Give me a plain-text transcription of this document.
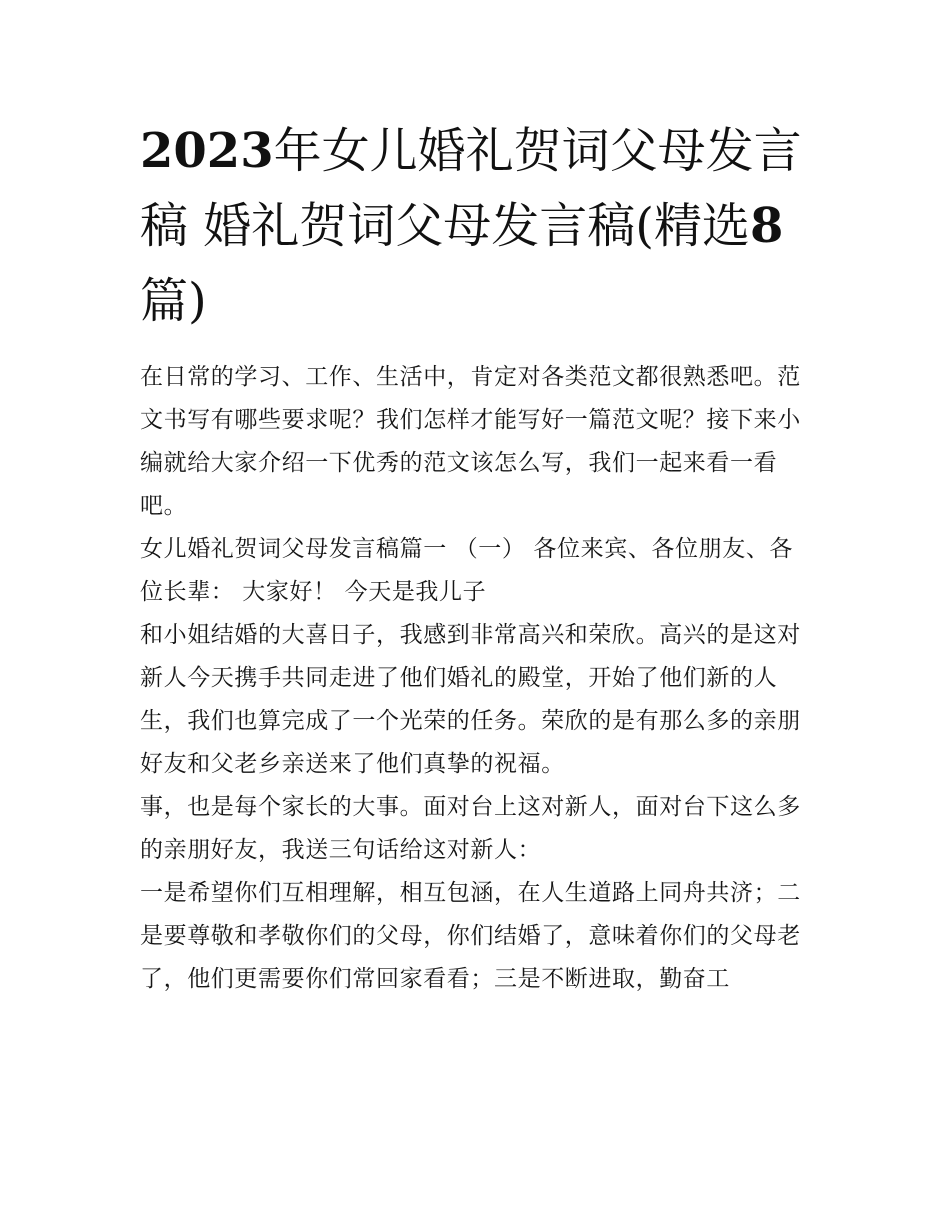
2023年女儿婚礼贺词父母发言稿 婚礼贺词父母发言稿(精选8篇)

在日常的学习、工作、生活中，肯定对各类范文都很熟悉吧。范文书写有哪些要求呢？我们怎样才能写好一篇范文呢？接下来小编就给大家介绍一下优秀的范文该怎么写，我们一起来看一看吧。

女儿婚礼贺词父母发言稿篇一 （一） 各位来宾、各位朋友、各位长辈： 大家好！ 今天是我儿子

和小姐结婚的大喜日子，我感到非常高兴和荣欣。高兴的是这对新人今天携手共同走进了他们婚礼的殿堂，开始了他们新的人生，我们也算完成了一个光荣的任务。荣欣的是有那么多的亲朋好友和父老乡亲送来了他们真挚的祝福。

事，也是每个家长的大事。面对台上这对新人，面对台下这么多的亲朋好友，我送三句话给这对新人：

一是希望你们互相理解，相互包涵，在人生道路上同舟共济；二是要尊敬和孝敬你们的父母，你们结婚了，意味着你们的父母老了，他们更需要你们常回家看看；三是不断进取，勤奋工
